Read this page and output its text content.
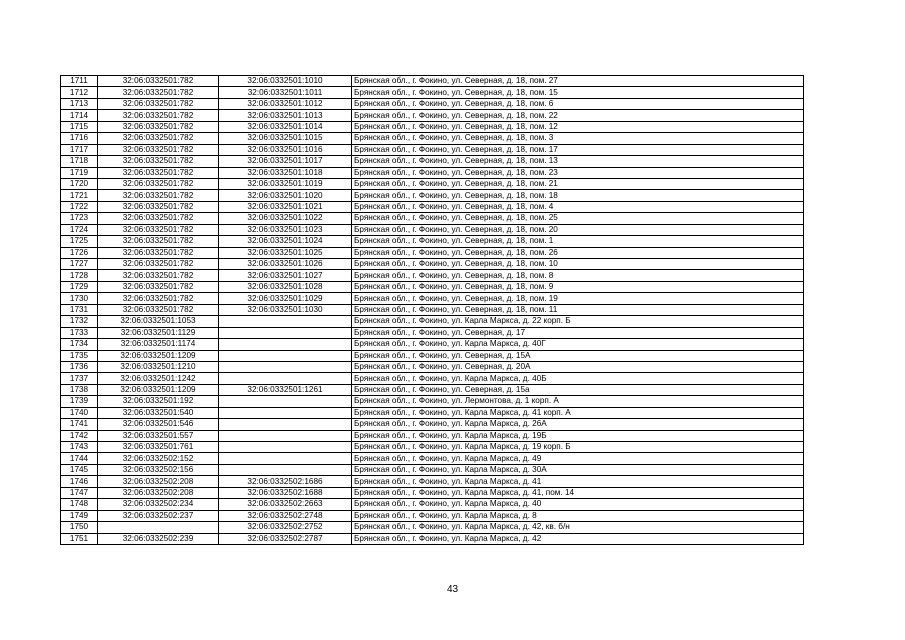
1711	32:06:0332501:782	32:06:0332501:1010	Брянская обл., г. Фокино, ул. Северная, д. 18, пом. 27
1712	32:06:0332501:782	32:06:0332501:1011	Брянская обл., г. Фокино, ул. Северная, д. 18, пом. 15
1713	32:06:0332501:782	32:06:0332501:1012	Брянская обл., г. Фокино, ул. Северная, д. 18, пом. 6
1714	32:06:0332501:782	32:06:0332501:1013	Брянская обл., г. Фокино, ул. Северная, д. 18, пом. 22
1715	32:06:0332501:782	32:06:0332501:1014	Брянская обл., г. Фокино, ул. Северная, д. 18, пом. 12
1716	32:06:0332501:782	32:06:0332501:1015	Брянская обл., г. Фокино, ул. Северная, д. 18, пом. 3
1717	32:06:0332501:782	32:06:0332501:1016	Брянская обл., г. Фокино, ул. Северная, д. 18, пом. 17
1718	32:06:0332501:782	32:06:0332501:1017	Брянская обл., г. Фокино, ул. Северная, д. 18, пом. 13
1719	32:06:0332501:782	32:06:0332501:1018	Брянская обл., г. Фокино, ул. Северная, д. 18, пом. 23
1720	32:06:0332501:782	32:06:0332501:1019	Брянская обл., г. Фокино, ул. Северная, д. 18, пом. 21
1721	32:06:0332501:782	32:06:0332501:1020	Брянская обл., г. Фокино, ул. Северная, д. 18, пом. 18
1722	32:06:0332501:782	32:06:0332501:1021	Брянская обл., г. Фокино, ул. Северная, д. 18, пом. 4
1723	32:06:0332501:782	32:06:0332501:1022	Брянская обл., г. Фокино, ул. Северная, д. 18, пом. 25
1724	32:06:0332501:782	32:06:0332501:1023	Брянская обл., г. Фокино, ул. Северная, д. 18, пом. 20
1725	32:06:0332501:782	32:06:0332501:1024	Брянская обл., г. Фокино, ул. Северная, д. 18, пом. 1
1726	32:06:0332501:782	32:06:0332501:1025	Брянская обл., г. Фокино, ул. Северная, д. 18, пом. 26
1727	32:06:0332501:782	32:06:0332501:1026	Брянская обл., г. Фокино, ул. Северная, д. 18, пом. 10
1728	32:06:0332501:782	32:06:0332501:1027	Брянская обл., г. Фокино, ул. Северная, д. 18, пом. 8
1729	32:06:0332501:782	32:06:0332501:1028	Брянская обл., г. Фокино, ул. Северная, д. 18, пом. 9
1730	32:06:0332501:782	32:06:0332501:1029	Брянская обл., г. Фокино, ул. Северная, д. 18, пом. 19
1731	32:06:0332501:782	32:06:0332501:1030	Брянская обл., г. Фокино, ул. Северная, д. 18, пом. 11
1732	32:06:0332501:1053		Брянская обл., г. Фокино, ул. Карла Маркса, д. 22 корп. Б
1733	32:06:0332501:1129		Брянская обл., г. Фокино, ул. Северная, д. 17
1734	32:06:0332501:1174		Брянская обл., г. Фокино, ул. Карла Маркса, д. 40Г
1735	32:06:0332501:1209		Брянская обл., г. Фокино, ул. Северная, д. 15А
1736	32:06:0332501:1210		Брянская обл., г. Фокино, ул. Северная, д. 20А
1737	32:06:0332501:1242		Брянская обл., г. Фокино, ул. Карла Маркса, д. 40Б
1738	32:06:0332501:1209	32:06:0332501:1261	Брянская обл., г. Фокино, ул. Северная, д. 15а
1739	32:06:0332501:192		Брянская обл., г. Фокино, ул. Лермонтова, д. 1 корп. А
1740	32:06:0332501:540		Брянская обл., г. Фокино, ул. Карла Маркса, д. 41 корп. А
1741	32:06:0332501:546		Брянская обл., г. Фокино, ул. Карла Маркса, д. 26А
1742	32:06:0332501:557		Брянская обл., г. Фокино, ул. Карла Маркса, д. 19Б
1743	32:06:0332501:761		Брянская обл., г. Фокино, ул. Карла Маркса, д. 19 корп. Б
1744	32:06:0332502:152		Брянская обл., г. Фокино, ул. Карла Маркса, д. 49
1745	32:06:0332502:156		Брянская обл., г. Фокино, ул. Карла Маркса, д. 30А
1746	32:06:0332502:208	32:06:0332502:1686	Брянская обл., г. Фокино, ул. Карла Маркса, д. 41
1747	32:06:0332502:208	32:06:0332502:1688	Брянская обл., г. Фокино, ул. Карла Маркса, д. 41, пом. 14
1748	32:06:0332502:234	32:06:0332502:2663	Брянская обл., г. Фокино, ул. Карла Маркса, д. 40
1749	32:06:0332502:237	32:06:0332502:2748	Брянская обл., г. Фокино, ул. Карла Маркса, д. 8
1750		32:06:0332502:2752	Брянская обл., г. Фокино, ул. Карла Маркса, д. 42, кв. б/н
1751	32:06:0332502:239	32:06:0332502:2787	Брянская обл., г. Фокино, ул. Карла Маркса, д. 42
43
